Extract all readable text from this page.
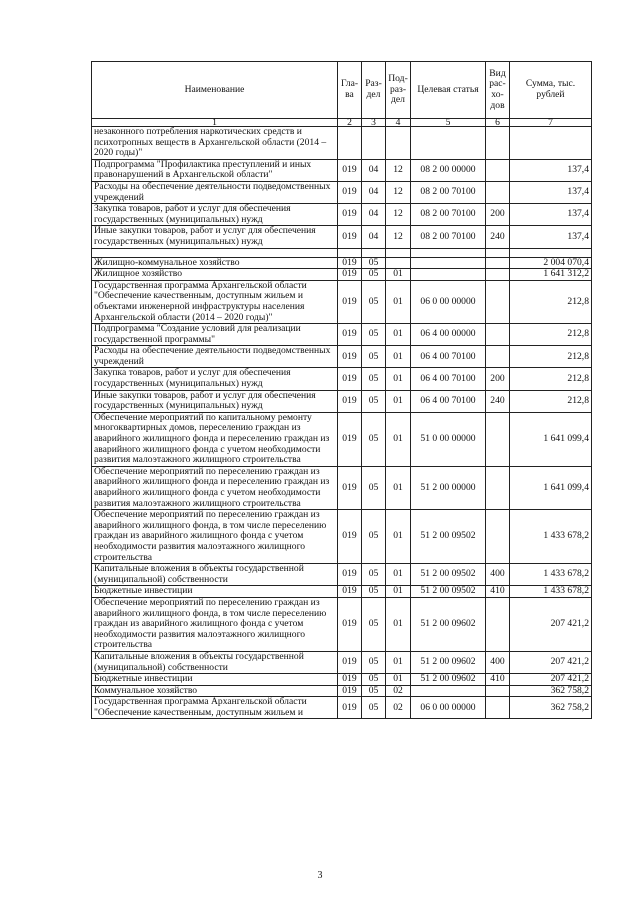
Наименование	Гла-ва	Раз-дел	Под-раз-дел	Целевая статья	Вид рас-хо-дов	Сумма, тыс. рублей
1	2	3	4	5	6	7
незаконного потребления наркотических средств и психотропных веществ в Архангельской области (2014 – 2020 годы)"						
Подпрограмма "Профилактика преступлений и иных правонарушений в Архангельской области"	019	04	12	08 2 00 00000		137,4
Расходы на обеспечение деятельности подведомственных учреждений	019	04	12	08 2 00 70100		137,4
Закупка товаров, работ и услуг для обеспечения государственных (муниципальных) нужд	019	04	12	08 2 00 70100	200	137,4
Иные закупки товаров, работ и услуг для обеспечения государственных (муниципальных) нужд	019	04	12	08 2 00 70100	240	137,4

Жилищно-коммунальное хозяйство	019	05				2 004 070,4
Жилищное хозяйство	019	05	01			1 641 312,2
Государственная программа Архангельской области "Обеспечение качественным, доступным жильем и объектами инженерной инфраструктуры населения Архангельской области (2014 – 2020 годы)"	019	05	01	06 0 00 00000		212,8
Подпрограмма "Создание условий для реализации государственной программы"	019	05	01	06 4 00 00000		212,8
Расходы на обеспечение деятельности подведомственных учреждений	019	05	01	06 4 00 70100		212,8
Закупка товаров, работ и услуг для обеспечения государственных (муниципальных) нужд	019	05	01	06 4 00 70100	200	212,8
Иные закупки товаров, работ и услуг для обеспечения государственных (муниципальных) нужд	019	05	01	06 4 00 70100	240	212,8
Обеспечение мероприятий по капитальному ремонту многоквартирных домов, переселению граждан из аварийного жилищного фонда и переселению граждан из аварийного жилищного фонда с учетом необходимости развития малоэтажного жилищного строительства	019	05	01	51 0 00 00000		1 641 099,4
Обеспечение мероприятий по переселению граждан из аварийного жилищного фонда и переселению граждан из аварийного жилищного фонда с учетом необходимости развития малоэтажного жилищного строительства	019	05	01	51 2 00 00000		1 641 099,4
Обеспечение мероприятий по переселению граждан из аварийного жилищного фонда, в том числе переселению граждан из аварийного жилищного фонда с учетом необходимости развития малоэтажного жилищного строительства	019	05	01	51 2 00 09502		1 433 678,2
Капитальные вложения в объекты государственной (муниципальной) собственности	019	05	01	51 2 00 09502	400	1 433 678,2
Бюджетные инвестиции	019	05	01	51 2 00 09502	410	1 433 678,2
Обеспечение мероприятий по переселению граждан из аварийного жилищного фонда, в том числе переселению граждан из аварийного жилищного фонда с учетом необходимости развития малоэтажного жилищного строительства	019	05	01	51 2 00 09602		207 421,2
Капитальные вложения в объекты государственной (муниципальной) собственности	019	05	01	51 2 00 09602	400	207 421,2
Бюджетные инвестиции	019	05	01	51 2 00 09602	410	207 421,2
Коммунальное хозяйство	019	05	02			362 758,2
Государственная программа Архангельской области "Обеспечение качественным, доступным жильем и	019	05	02	06 0 00 00000		362 758,2
3
